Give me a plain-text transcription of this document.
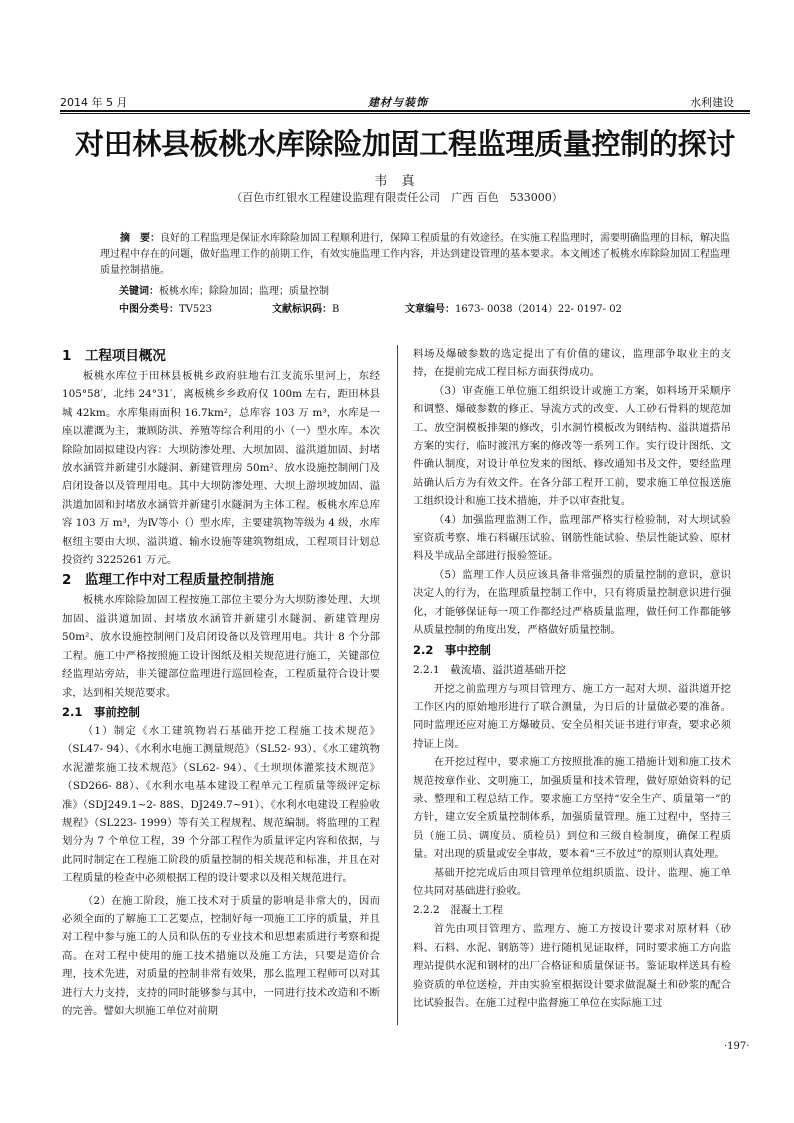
2014 年 5 月	建材与装饰	水利建设
对田林县板桃水库除险加固工程监理质量控制的探讨
韦 真
（百色市红银水工程建设监理有限责任公司　广西 百色　533000）
摘　要：良好的工程监理是保证水库除险加固工程顺利进行，保障工程质量的有效途径。在实施工程监理时，需要明确监理的目标，解决监理过程中存在的问题，做好监理工作的前期工作，有效实施监理工作内容，并达到建设管理的基本要求。本文阐述了板桃水库除险加固工程监理质量控制措施。
关键词：板桃水库；除险加固；监理；质量控制
中图分类号：TV523	文献标识码：B	文章编号：1673- 0038（2014）22- 0197- 02
1　工程项目概况

板桃水库位于田林县板桃乡政府驻地右江支流乐里河上，东经 105°58′，北纬 24°31′，离板桃乡乡政府仅 100m 左右，距田林县城 42km。水库集雨面积 16.7km²，总库容 103 万 m³，水库是一座以灌溉为主，兼顾防洪、养殖等综合利用的小（一）型水库。本次除险加固拟建设内容：大坝防渗处理、大坝加固、溢洪道加固、封堵放水涵管并新建引水隧洞、新建管理房 50m²、放水设施控制闸门及启闭设备以及管理用电。其中大坝防渗处理、大坝上游坝坡加固、溢洪道加固和封堵放水涵管并新建引水隧洞为主体工程。板桃水库总库容 103 万 m³，为Ⅳ等小（）型水库，主要建筑物等级为 4 级，水库枢纽主要由大坝、溢洪道、输水设施等建筑物组成，工程项目计划总投资约 3225261 万元。

2　监理工作中对工程质量控制措施

板桃水库除险加固工程按施工部位主要分为大坝防渗处理、大坝加固、溢洪道加固、封堵放水涵管并新建引水隧洞、新建管理房 50m²、放水设施控制闸门及启闭设备以及管理用电。共计 8 个分部工程。施工中严格按照施工设计图纸及相关规范进行施工，关键部位经监理站旁站，非关键部位监理进行巡回检查，工程质量符合设计要求，达到相关规范要求。

2.1　事前控制

（1）制定《水工建筑物岩石基础开挖工程施工技术规范》（SL47- 94）、《水利水电施工测量规范》（SL52- 93）、《水工建筑物水泥灌浆施工技术规范》（SL62- 94）、《土坝坝体灌浆技术规范》（SD266- 88）、《水利水电基本建设工程单元工程质量等级评定标准》（SDJ249.1~2- 88S、DJ249.7~91）、《水利水电建设工程验收规程》（SL223- 1999）等有关工程规程、规范编制。将监理的工程划分为 7 个单位工程，39 个分部工程作为质量评定内容和依据，与此同时制定在工程施工阶段的质量控制的相关规范和标准，并且在对工程质量的检查中必须根据工程的设计要求以及相关规范进行。

（2）在施工阶段，施工技术对于质量的影响是非常大的，因而必须全面的了解施工工艺要点，控制好每一项施工工序的质量，并且对工程中参与施工的人员和队伍的专业技术和思想素质进行考察和提高。在对工程中使用的施工技术措施以及施工方法，只要是造价合理，技术先进，对质量的控制非常有效果，那么监理工程师可以对其进行大力支持，支持的同时能够参与其中，一同进行技术改造和不断的完善。譬如大坝施工单位对前期

料场及爆破参数的选定提出了有价值的建议，监理部争取业主的支持，在提前完成工程目标方面获得成功。

（3）审查施工单位施工组织设计或施工方案，如料场开采顺序和调整、爆破参数的修正、导流方式的改变、人工砂石骨料的规范加工、放空洞模板排架的修改，引水洞竹模板改为钢结构、溢洪道搭吊方案的实行，临时渡汛方案的修改等一系列工作。实行设计图纸、文件确认制度，对设计单位发来的图纸、修改通知书及文件，要经监理站确认后方为有效文件。在各分部工程开工前，要求施工单位报送施工组织设计和施工技术措施，并予以审查批复。

（4）加强监理监测工作，监理部严格实行检验制，对大坝试验室资质考察、堆石料碾压试验、钢筋性能试验、垫层性能试验、原材料及半成品全部进行报验签证。

（5）监理工作人员应该具备非常强烈的质量控制的意识，意识决定人的行为，在监理质量控制工作中，只有将质量控制意识进行强化，才能够保证每一项工作都经过严格质量监理，做任何工作都能够从质量控制的角度出发，严格做好质量控制。

2.2　事中控制
2.2.1　截流墙、溢洪道基础开挖

开挖之前监理方与项目管理方、施工方一起对大坝、溢洪道开挖工作区内的原始地形进行了联合测量，为日后的计量做必要的准备。同时监理还应对施工方爆破员、安全员相关证书进行审查，要求必须持证上岗。

在开挖过程中，要求施工方按照批准的施工措施计划和施工技术规范按章作业、文明施工，加强质量和技术管理，做好原始资料的记录、整理和工程总结工作。要求施工方坚持“安全生产、质量第一”的方针，建立安全质量控制体系，加强质量管理。施工过程中，坚持三员（施工员、调度员、质检员）到位和三级自检制度，确保工程质量。对出现的质量或安全事故，要本着“三不放过”的原则认真处理。

基础开挖完成后由项目管理单位组织质监、设计、监理、施工单位共同对基础进行验收。

2.2.2　混凝土工程

首先由项目管理方、监理方、施工方按设计要求对原材料（砂料、石料、水泥、钢筋等）进行随机见证取样，同时要求施工方向监理站提供水泥和钢材的出厂合格证和质量保证书。鉴证取样送具有检验资质的单位送检，并由实验室根据设计要求做混凝土和砂浆的配合比试验报告。在施工过程中监督施工单位在实际施工过

·197·
